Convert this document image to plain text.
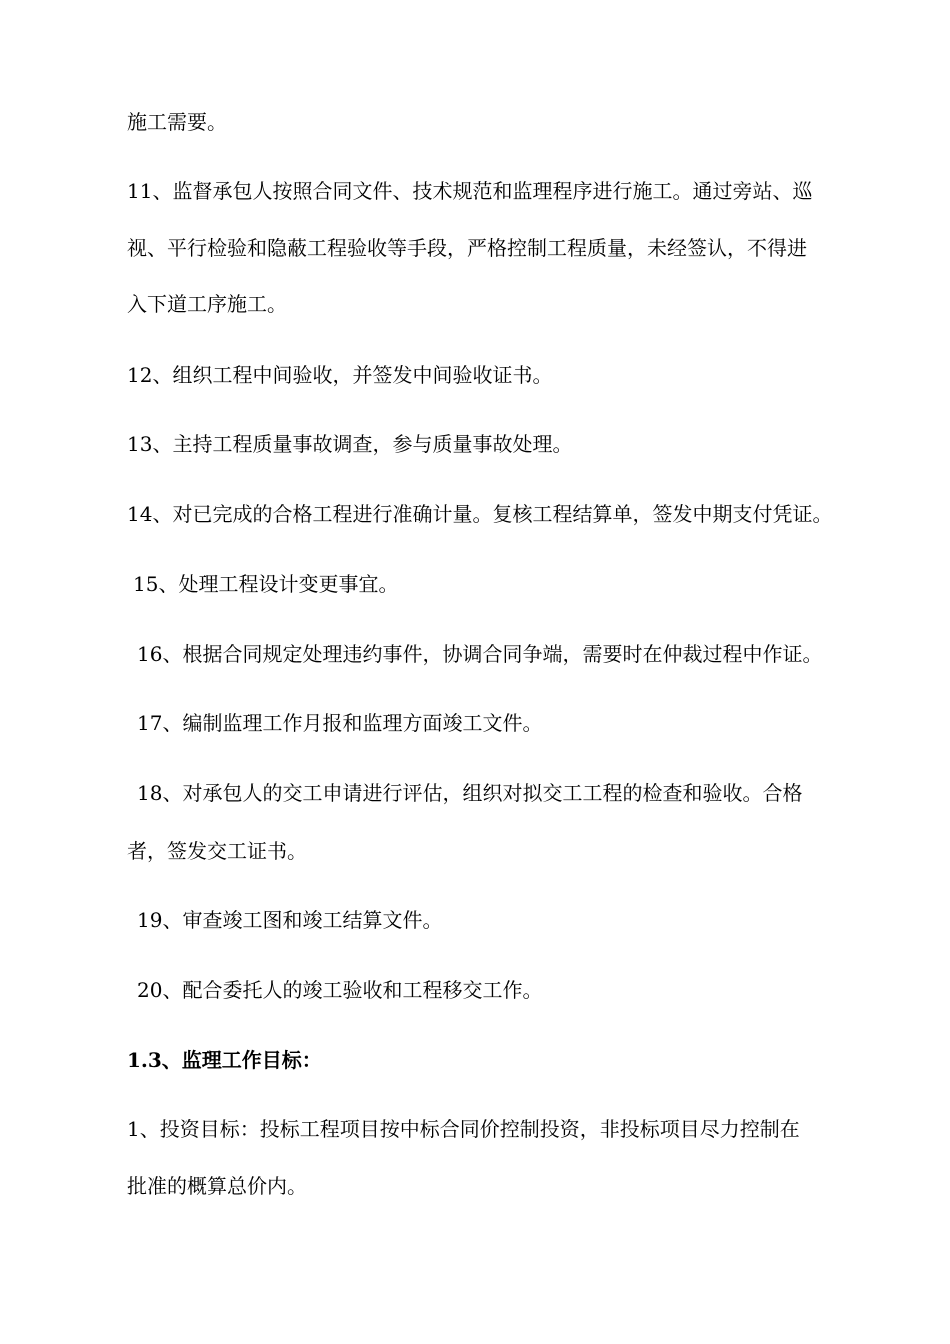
施工需要。
11、监督承包人按照合同文件、技术规范和监理程序进行施工。通过旁站、巡
视、平行检验和隐蔽工程验收等手段，严格控制工程质量，未经签认，不得进
入下道工序施工。
12、组织工程中间验收，并签发中间验收证书。
13、主持工程质量事故调查，参与质量事故处理。
14、对已完成的合格工程进行准确计量。复核工程结算单，签发中期支付凭证。
15、处理工程设计变更事宜。
16、根据合同规定处理违约事件，协调合同争端，需要时在仲裁过程中作证。
17、编制监理工作月报和监理方面竣工文件。
18、对承包人的交工申请进行评估，组织对拟交工工程的检查和验收。合格
者，签发交工证书。
19、审查竣工图和竣工结算文件。
20、配合委托人的竣工验收和工程移交工作。
1.3、监理工作目标：
1、投资目标：投标工程项目按中标合同价控制投资，非投标项目尽力控制在
批准的概算总价内。
